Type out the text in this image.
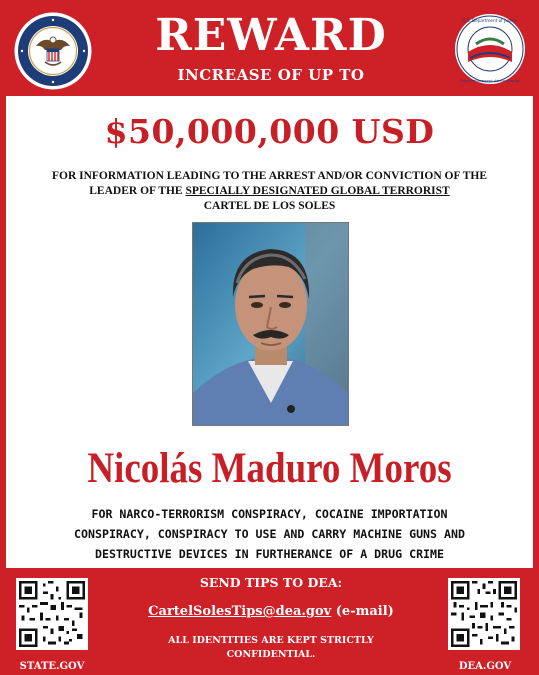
REWARD
INCREASE OF UP TO
U.S. Department of Justice
Drug Enforcement Administration
$50,000,000 USD
FOR INFORMATION LEADING TO THE ARREST AND/OR CONVICTION OF THE
LEADER OF THE SPECIALLY DESIGNATED GLOBAL TERRORIST
CARTEL DE LOS SOLES
Nicolás Maduro Moros
FOR NARCO-TERRORISM CONSPIRACY, COCAINE IMPORTATION
CONSPIRACY, CONSPIRACY TO USE AND CARRY MACHINE GUNS AND
DESTRUCTIVE DEVICES IN FURTHERANCE OF A DRUG CRIME
STATE.GOV
SEND TIPS TO DEA:
CartelSolesTips@dea.gov (e-mail)
ALL IDENTITIES ARE KEPT STRICTLY
CONFIDENTIAL.
DEA.GOV
